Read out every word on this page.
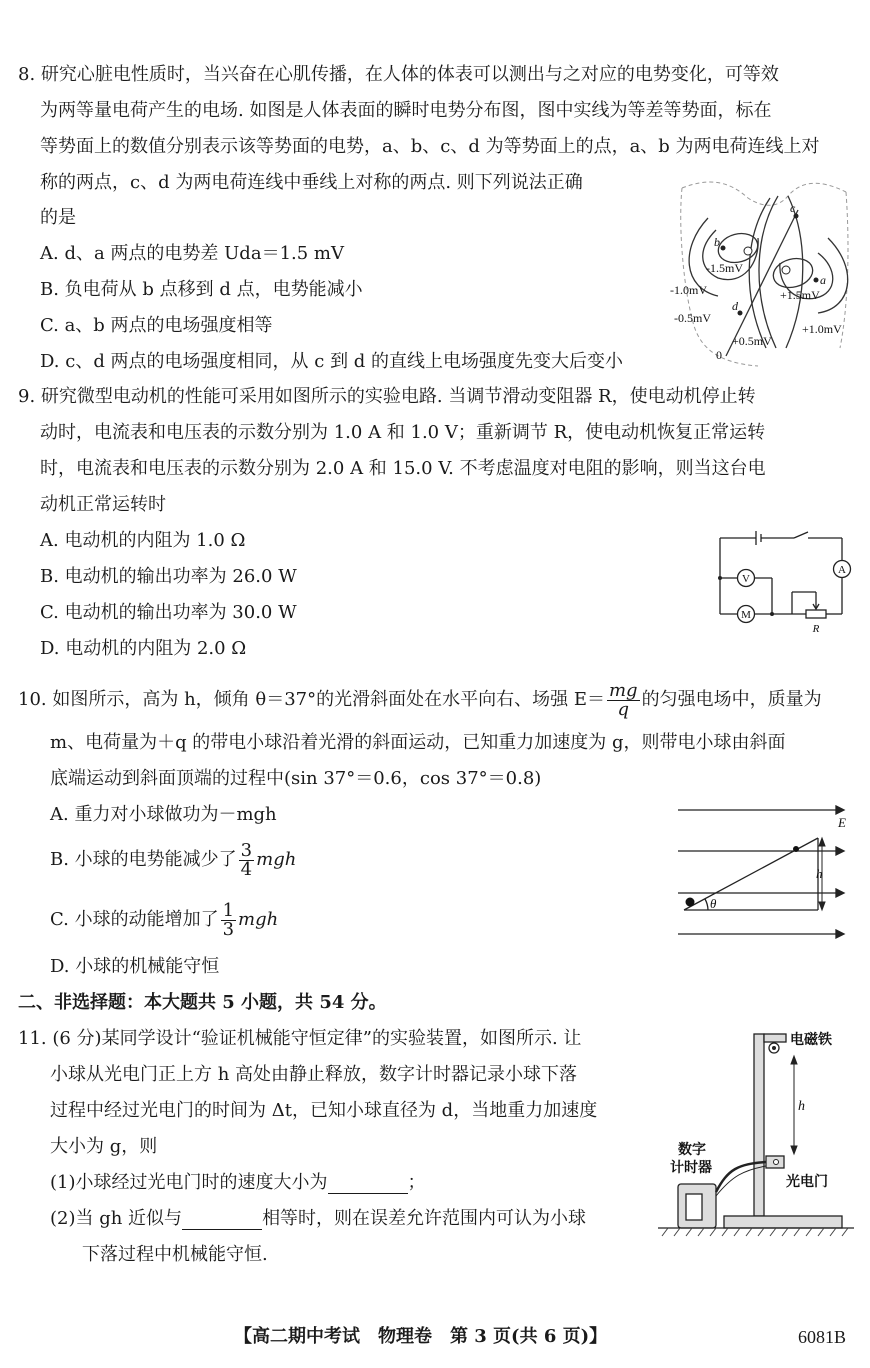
8. 研究心脏电性质时，当兴奋在心肌传播，在人体的体表可以测出与之对应的电势变化，可等效
为两等量电荷产生的电场. 如图是人体表面的瞬时电势分布图，图中实线为等差等势面，标在
等势面上的数值分别表示该等势面的电势，a、b、c、d 为等势面上的点，a、b 为两电荷连线上对
称的两点，c、d 为两电荷连线中垂线上对称的两点. 则下列说法正确
的是
A. d、a 两点的电势差 Uda＝1.5 mV
B. 负电荷从 b 点移到 d 点，电势能减小
C. a、b 两点的电场强度相等
D. c、d 两点的电场强度相同，从 c 到 d 的直线上电场强度先变大后变小
c
b
a
d
-1.5mV
+1.5mV
-1.0mV
-0.5mV
+1.0mV
+0.5mV
0
9. 研究微型电动机的性能可采用如图所示的实验电路. 当调节滑动变阻器 R，使电动机停止转
动时，电流表和电压表的示数分别为 1.0 A 和 1.0 V；重新调节 R，使电动机恢复正常运转
时，电流表和电压表的示数分别为 2.0 A 和 15.0 V. 不考虑温度对电阻的影响，则当这台电
动机正常运转时
A. 电动机的内阻为 1.0 Ω
B. 电动机的输出功率为 26.0 W
C. 电动机的输出功率为 30.0 W
D. 电动机的内阻为 2.0 Ω
V
A
M
R
10. 如图所示，高为 h，倾角 θ＝37°的光滑斜面处在水平向右、场强 $E= \frac{mg}{q}$ 的匀强电场中，质量为
m、电荷量为＋q 的带电小球沿着光滑的斜面运动，已知重力加速度为 g，则带电小球由斜面
底端运动到斜面顶端的过程中(sin 37°＝0.6，cos 37°＝0.8)
A. 重力对小球做功为－mgh
B. 小球的电势能减少了 $\frac{3}{4}$ mgh
C. 小球的动能增加了 $\frac{1}{3}$ mgh
D. 小球的机械能守恒
E
h
θ
二、非选择题：本大题共 5 小题，共 54 分。
11. (6 分)某同学设计“验证机械能守恒定律”的实验装置，如图所示. 让
小球从光电门正上方 h 高处由静止释放，数字计时器记录小球下落
过程中经过光电门的时间为 Δt，已知小球直径为 d，当地重力加速度
大小为 g，则
(1)小球经过光电门时的速度大小为	；
(2)当 gh 近似与	相等时，则在误差允许范围内可认为小球
下落过程中机械能守恒.
电磁铁
h
数字
计时器
光电门
【高二期中考试　物理卷　第 3 页(共 6 页)】	6081B
